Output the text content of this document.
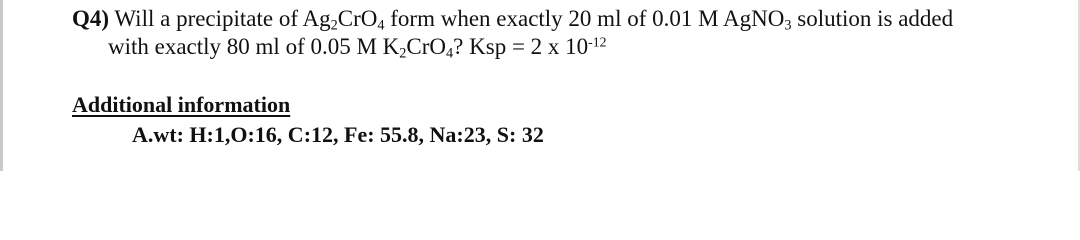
Q4) Will a precipitate of $Ag_2CrO_4$ form when exactly 20 ml of 0.01 M AgNO$_3$ solution is added
with exactly 80 ml of 0.05 M $K_2CrO_4$? Ksp = 2 x $10^{-12}$
Additional information
A.wt: H:1,O:16, C:12, Fe: 55.8, Na:23, S: 32
